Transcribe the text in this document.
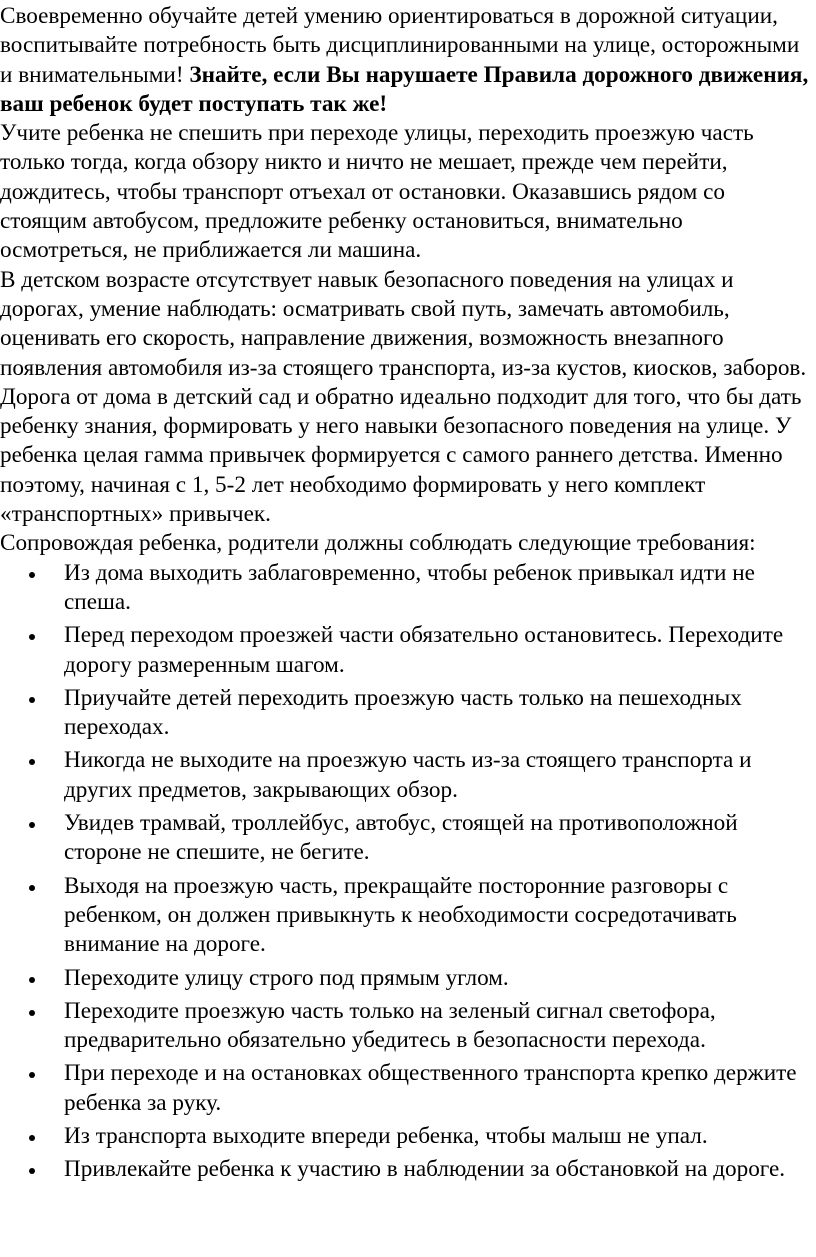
Своевременно обучайте детей умению ориентироваться в дорожной ситуации, воспитывайте потребность быть дисциплинированными на улице, осторожными и внимательными! Знайте, если Вы нарушаете Правила дорожного движения, ваш ребенок будет поступать так же!

Учите ребенка не спешить при переходе улицы, переходить проезжую часть только тогда, когда обзору никто и ничто не мешает, прежде чем перейти, дождитесь, чтобы транспорт отъехал от остановки. Оказавшись рядом со стоящим автобусом, предложите ребенку остановиться, внимательно осмотреться, не приближается ли машина.

В детском возрасте отсутствует навык безопасного поведения на улицах и дорогах, умение наблюдать: осматривать свой путь, замечать автомобиль, оценивать его скорость, направление движения, возможность внезапного появления автомобиля из-за стоящего транспорта, из-за кустов, киосков, заборов.

Дорога от дома в детский сад и обратно идеально подходит для того, что бы дать ребенку знания, формировать у него навыки безопасного поведения на улице. У ребенка целая гамма привычек формируется с самого раннего детства. Именно поэтому, начиная с 1, 5-2 лет необходимо формировать у него комплект «транспортных» привычек.

Сопровождая ребенка, родители должны соблюдать следующие требования:

Из дома выходить заблаговременно, чтобы ребенок привыкал идти не спеша.
Перед переходом проезжей части обязательно остановитесь. Переходите дорогу размеренным шагом.
Приучайте детей переходить проезжую часть только на пешеходных переходах.
Никогда не выходите на проезжую часть из-за стоящего транспорта и других предметов, закрывающих обзор.
Увидев трамвай, троллейбус, автобус, стоящей на противоположной стороне не спешите, не бегите.
Выходя на проезжую часть, прекращайте посторонние разговоры с ребенком, он должен привыкнуть к необходимости сосредотачивать внимание на дороге.
Переходите улицу строго под прямым углом.
Переходите проезжую часть только на зеленый сигнал светофора, предварительно обязательно убедитесь в безопасности перехода.
При переходе и на остановках общественного транспорта крепко держите ребенка за руку.
Из транспорта выходите впереди ребенка, чтобы малыш не упал.
Привлекайте ребенка к участию в наблюдении за обстановкой на дороге.
